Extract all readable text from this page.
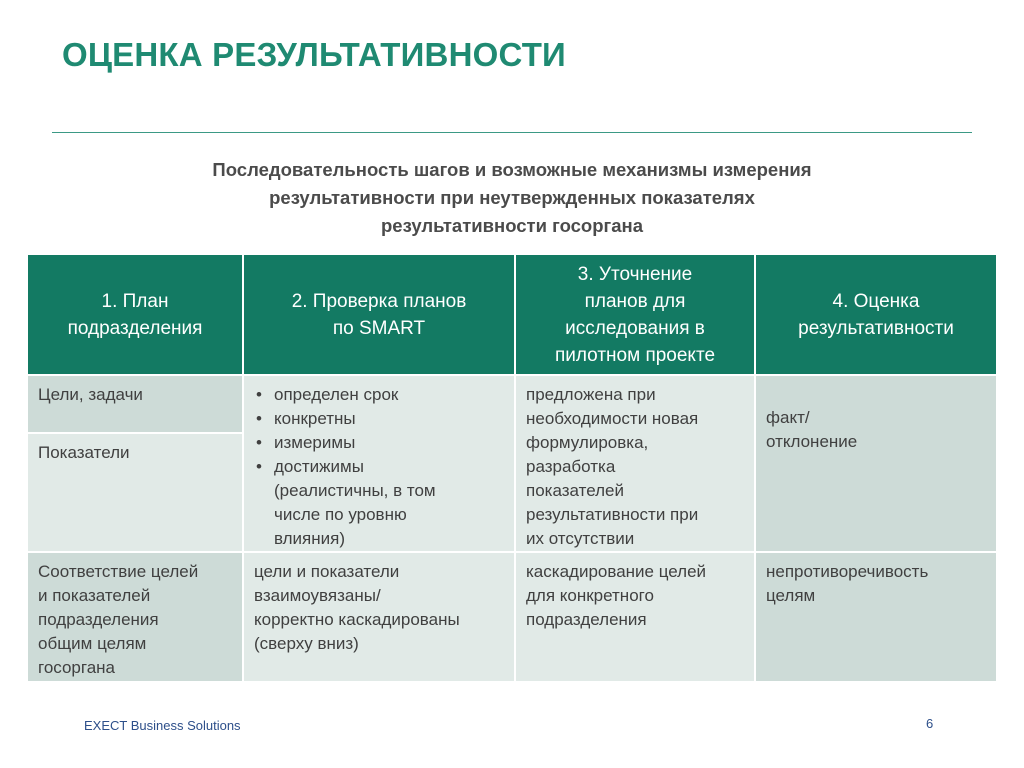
ОЦЕНКА РЕЗУЛЬТАТИВНОСТИ
Последовательность шагов и возможные механизмы измерения
результативности при неутвержденных показателях
результативности госоргана
1. План
подразделения
2. Проверка планов
по SMART
3. Уточнение
планов для
исследования в
пилотном проекте
4. Оценка
результативности
Цели, задачи
Показатели
• определен срок
• конкретны
• измеримы
• достижимы
(реалистичны, в том
числе по уровню
влияния)
предложена при
необходимости новая
формулировка,
разработка
показателей
результативности при
их отсутствии
факт/
отклонение
Соответствие целей
и показателей
подразделения
общим целям
госоргана
цели и показатели
взаимоувязаны/
корректно каскадированы
(сверху вниз)
каскадирование целей
для конкретного
подразделения
непротиворечивость
целям
EXECT Business Solutions	6
